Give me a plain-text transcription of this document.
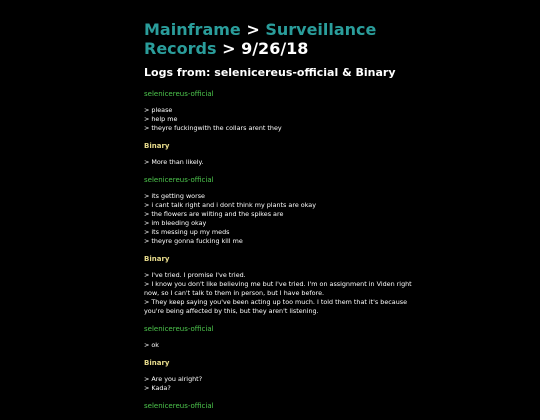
Mainframe > Surveillance
Records > 9/26/18
Logs from: selenicereus-official & Binary

selenicereus-official

> please

> help me

> theyre fuckingwith the collars arent they

Binary

> More than likely.

selenicereus-official

> its getting worse

> i cant talk right and i dont think my plants are okay

> the flowers are wilting and the spikes are

> im bleeding okay

> its messing up my meds

> theyre gonna fucking kill me

Binary

> I've tried. I promise I've tried.

> I know you don't like believing me but I've tried. I'm on assignment in Viden right now, so I can't talk to them in person, but I have before.

> They keep saying you've been acting up too much. I told them that it's because you're being affected by this, but they aren't listening.

selenicereus-official

> ok

Binary

> Are you alright?

> Kada?

selenicereus-official
